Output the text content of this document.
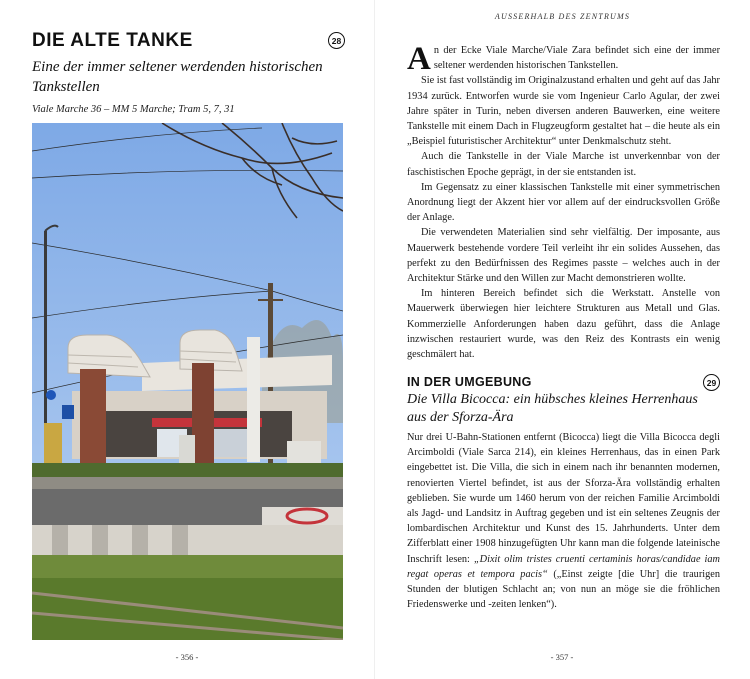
DIE ALTE TANKE	28
Eine der immer seltener werdenden historischen Tankstellen
Viale Marche 36 – MM 5 Marche; Tram 5, 7, 31
- 356 -
AUSSERHALB DES ZENTRUMS

An der Ecke Viale Marche/Viale Zara befindet sich eine der immer seltener werdenden historischen Tankstellen.

Sie ist fast vollständig im Originalzustand erhalten und geht auf das Jahr 1934 zurück. Entworfen wurde sie vom Ingenieur Carlo Agular, der zwei Jahre später in Turin, neben diversen anderen Bauwerken, eine weitere Tankstelle mit einem Dach in Flugzeugform gestaltet hat – die heute als ein „Beispiel futuristischer Architektur“ unter Denkmalschutz steht.

Auch die Tankstelle in der Viale Marche ist unverkennbar von der faschistischen Epoche geprägt, in der sie entstanden ist.

Im Gegensatz zu einer klassischen Tankstelle mit einer symmetrischen Anordnung liegt der Akzent hier vor allem auf der eindrucksvollen Größe der Anlage.

Die verwendeten Materialien sind sehr vielfältig. Der imposante, aus Mauerwerk bestehende vordere Teil verleiht ihr ein solides Aussehen, das perfekt zu den Bedürfnissen des Regimes passte – welches auch in der Architektur Stärke und den Willen zur Macht demonstrieren wollte.

Im hinteren Bereich befindet sich die Werkstatt. Anstelle von Mauerwerk überwiegen hier leichtere Strukturen aus Metall und Glas. Kommerzielle Anforderungen haben dazu geführt, dass die Anlage inzwischen restauriert wurde, was den Reiz des Kontrasts ein wenig geschmälert hat.

IN DER UMGEBUNG	29
Die Villa Bicocca: ein hübsches kleines Herrenhaus aus der Sforza-Ära

Nur drei U-Bahn-Stationen entfernt (Bicocca) liegt die Villa Bicocca degli Arcimboldi (Viale Sarca 214), ein kleines Herrenhaus, das in einen Park eingebettet ist. Die Villa, die sich in einem nach ihr benannten modernen, renovierten Viertel befindet, ist aus der Sforza-Ära vollständig erhalten geblieben. Sie wurde um 1460 herum von der reichen Familie Arcimboldi als Jagd- und Landsitz in Auftrag gegeben und ist ein seltenes Zeugnis der lombardischen Architektur und Kunst des 15. Jahrhunderts. Unter dem Zifferblatt einer 1908 hinzugefügten Uhr kann man die folgende lateinische Inschrift lesen: „Dixit olim tristes cruenti certaminis horas/candidae iam regat operas et tempora pacis“ („Einst zeigte [die Uhr] die traurigen Stunden der blutigen Schlacht an; von nun an möge sie die fröhlichen Friedenswerke und -zeiten lenken“).

- 357 -
